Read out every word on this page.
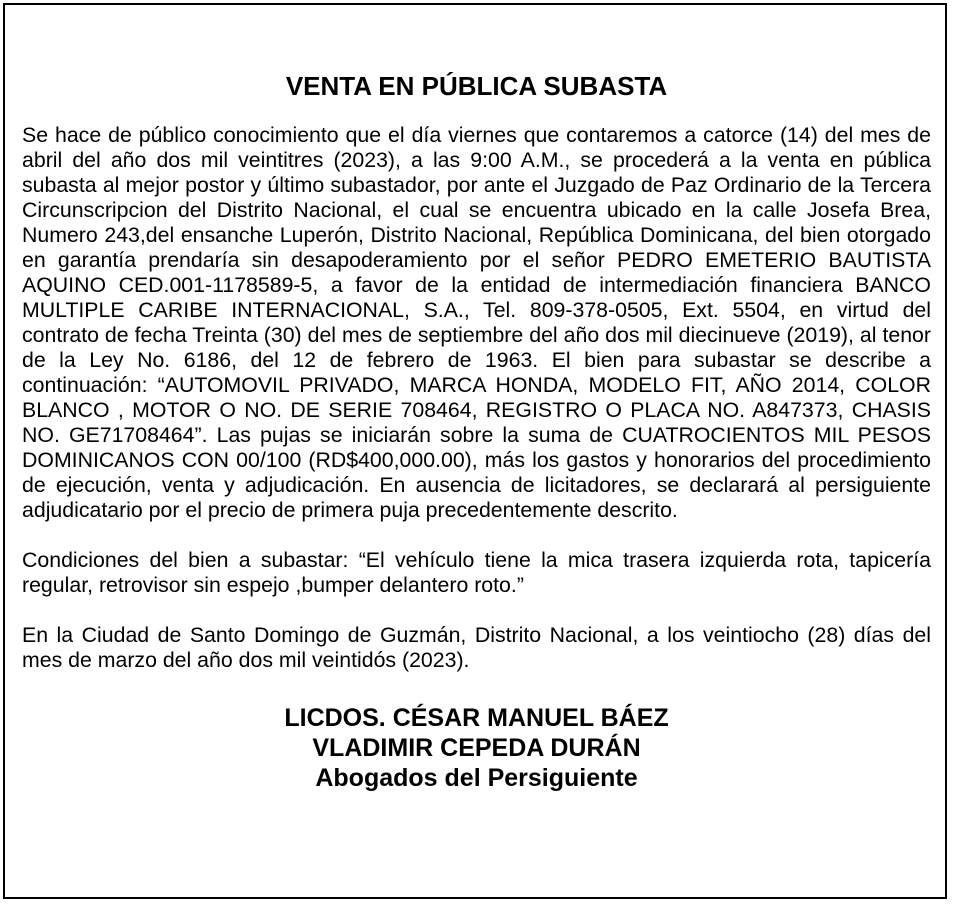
VENTA EN PÚBLICA SUBASTA

Se hace de público conocimiento que el día viernes que contaremos a catorce (14) del mes de abril del año dos mil veintitres (2023), a las 9:00 A.M., se procederá a la venta en pública subasta al mejor postor y último subastador, por ante el Juzgado de Paz Ordinario de la Tercera Circunscripcion del Distrito Nacional, el cual se encuentra ubicado en la calle Josefa Brea, Numero 243,del ensanche Luperón, Distrito Nacional, República Dominicana, del bien otorgado en garantía prendaría sin desapoderamiento por el señor PEDRO EMETERIO BAUTISTA AQUINO CED.001-1178589-5, a favor de la entidad de intermediación financiera BANCO MULTIPLE CARIBE INTERNACIONAL, S.A., Tel. 809-378-0505, Ext. 5504, en virtud del contrato de fecha Treinta (30) del mes de septiembre del año dos mil diecinueve (2019), al tenor de la Ley No. 6186, del 12 de febrero de 1963. El bien para subastar se describe a continuación: “AUTOMOVIL PRIVADO, MARCA HONDA, MODELO FIT, AÑO 2014, COLOR BLANCO , MOTOR O NO. DE SERIE 708464, REGISTRO O PLACA NO. A847373, CHASIS NO. GE71708464”. Las pujas se iniciarán sobre la suma de CUATROCIENTOS MIL PESOS DOMINICANOS CON 00/100 (RD$400,000.00), más los gastos y honorarios del procedimiento de ejecución, venta y adjudicación. En ausencia de licitadores, se declarará al persiguiente adjudicatario por el precio de primera puja precedentemente descrito.

Condiciones del bien a subastar: “El vehículo tiene la mica trasera izquierda rota, tapicería regular, retrovisor sin espejo ,bumper delantero roto.”

En la Ciudad de Santo Domingo de Guzmán, Distrito Nacional, a los veintiocho (28) días del mes de marzo del año dos mil veintidós (2023).

LICDOS. CÉSAR MANUEL BÁEZ
VLADIMIR CEPEDA DURÁN
Abogados del Persiguiente
